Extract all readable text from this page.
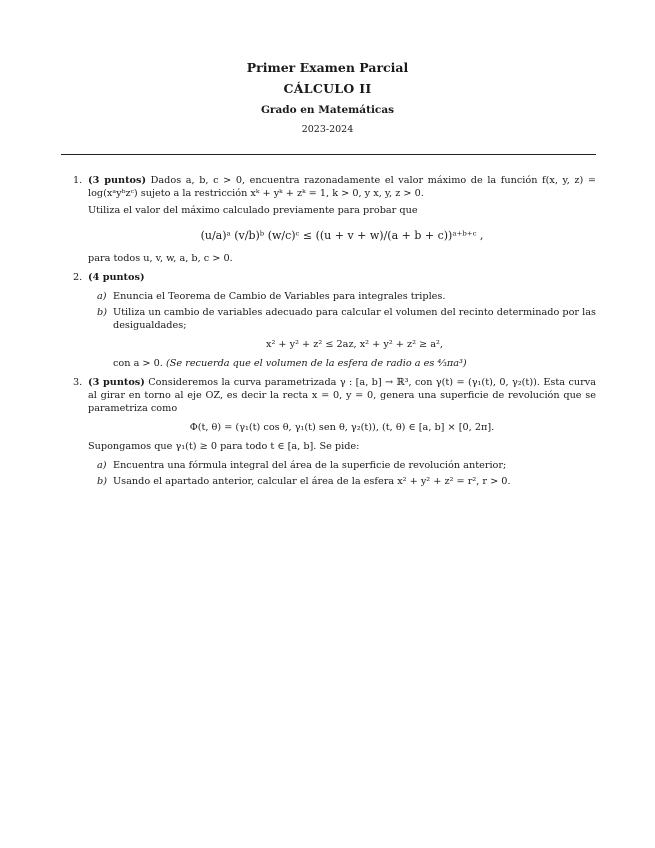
Primer Examen Parcial
CÁLCULO II
Grado en Matemáticas
2023-2024
1. (3 puntos) Dados a, b, c > 0, encuentra razonadamente el valor máximo de la función f(x, y, z) = log(xᵃyᵇzᶜ) sujeto a la restricción xᵏ + yᵏ + zᵏ = 1, k > 0, y x, y, z > 0.

Utiliza el valor del máximo calculado previamente para probar que

(u/a)ᵃ (v/b)ᵇ (w/c)ᶜ ≤ ((u + v + w)/(a + b + c))ᵃ⁺ᵇ⁺ᶜ ,

para todos u, v, w, a, b, c > 0.

2. (4 puntos)

a) Enuncia el Teorema de Cambio de Variables para integrales triples.
b) Utiliza un cambio de variables adecuado para calcular el volumen del recinto determinado por las desigualdades;

x² + y² + z² ≤ 2az, x² + y² + z² ≥ a²,

con a > 0. (Se recuerda que el volumen de la esfera de radio a es ⁴⁄₃πa³)

3. (3 puntos) Consideremos la curva parametrizada γ : [a, b] → ℝ³, con γ(t) = (γ₁(t), 0, γ₂(t)). Esta curva al girar en torno al eje OZ, es decir la recta x = 0, y = 0, genera una superficie de revolución que se parametriza como

Φ(t, θ) = (γ₁(t) cos θ, γ₁(t) sen θ, γ₂(t)), (t, θ) ∈ [a, b] × [0, 2π].

Supongamos que γ₁(t) ≥ 0 para todo t ∈ [a, b]. Se pide:

a) Encuentra una fórmula integral del área de la superficie de revolución anterior;
b) Usando el apartado anterior, calcular el área de la esfera x² + y² + z² = r², r > 0.
